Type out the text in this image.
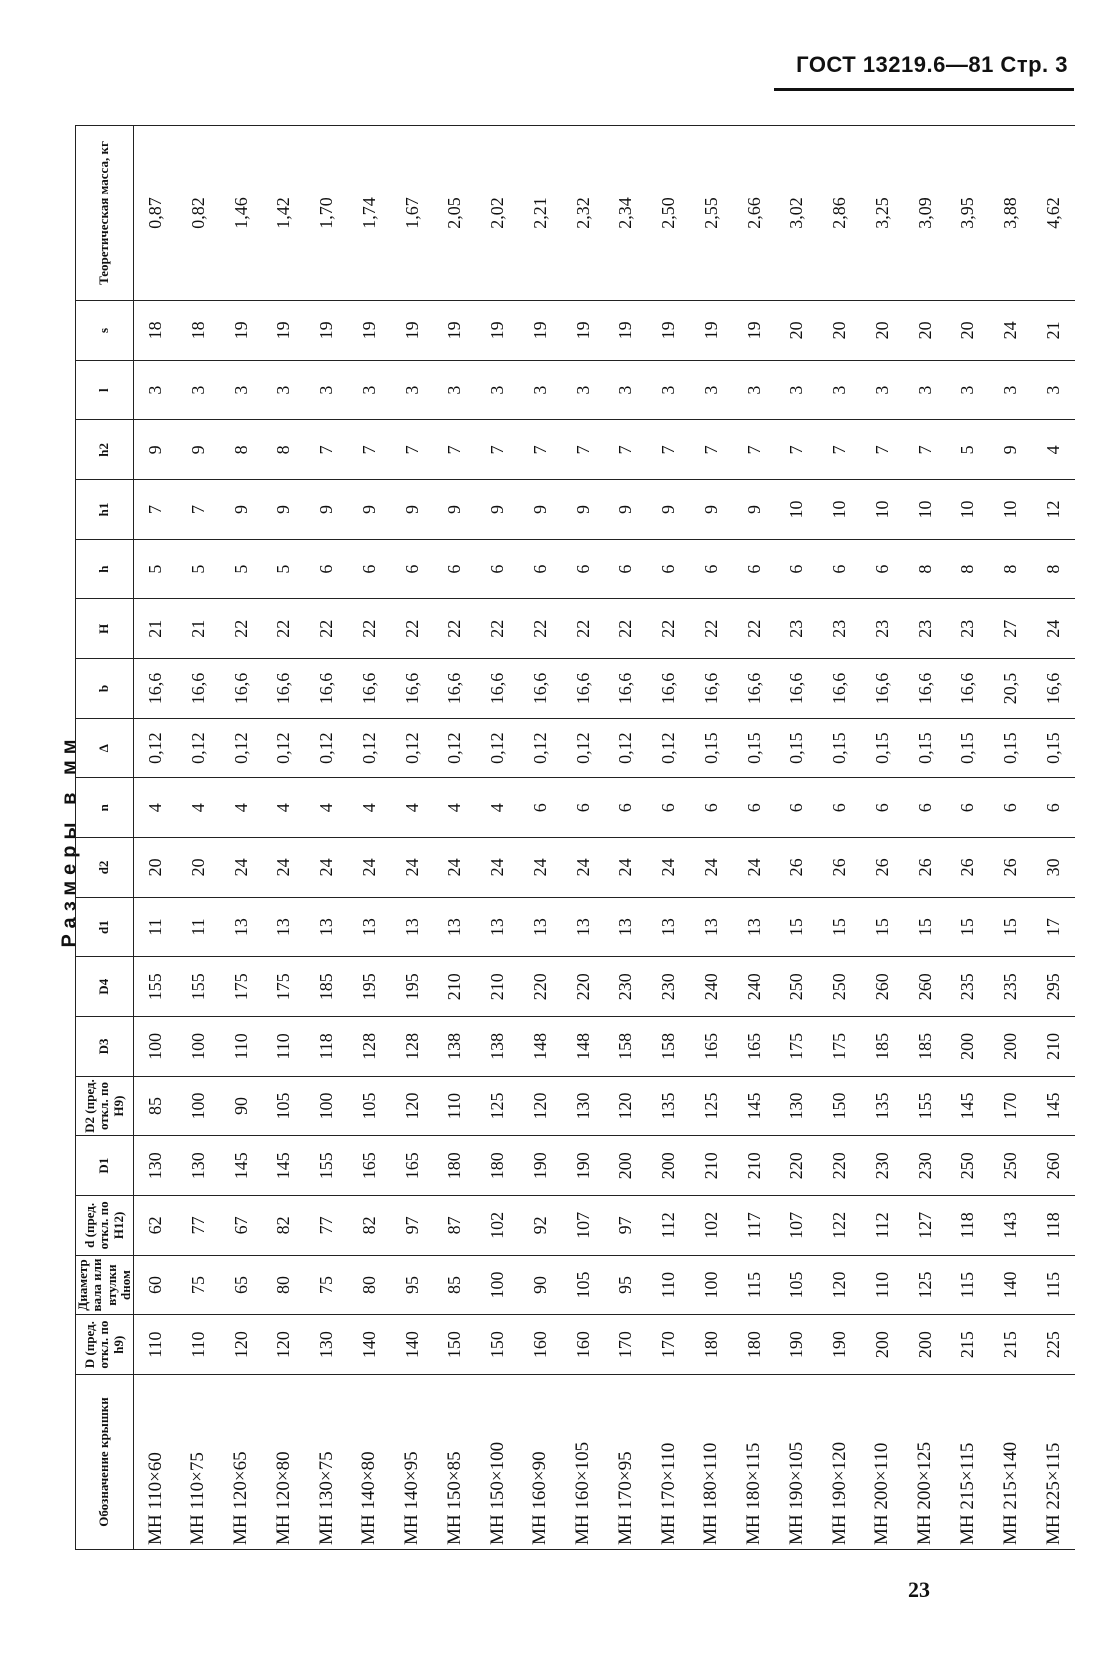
ГОСТ 13219.6—81 Стр. 3
Размеры в мм
Обозначение крышки	D (пред. откл. по h9)	Диаметр вала или втулки dном	d (пред. откл. по H12)	D1	D2 (пред. откл. по H9)	D3	D4	d1	d2	n	Δ	b	H	h	h1	h2	l	s	Теоретическая масса, кг
МН 110×60	110	60	62	130	85	100	155	11	20	4	0,12	16,6	21	5	7	9	3	18	0,87
МН 110×75	110	75	77	130	100	100	155	11	20	4	0,12	16,6	21	5	7	9	3	18	0,82
МН 120×65	120	65	67	145	90	110	175	13	24	4	0,12	16,6	22	5	9	8	3	19	1,46
МН 120×80	120	80	82	145	105	110	175	13	24	4	0,12	16,6	22	5	9	8	3	19	1,42
МН 130×75	130	75	77	155	100	118	185	13	24	4	0,12	16,6	22	6	9	7	3	19	1,70
МН 140×80	140	80	82	165	105	128	195	13	24	4	0,12	16,6	22	6	9	7	3	19	1,74
МН 140×95	140	95	97	165	120	128	195	13	24	4	0,12	16,6	22	6	9	7	3	19	1,67
МН 150×85	150	85	87	180	110	138	210	13	24	4	0,12	16,6	22	6	9	7	3	19	2,05
МН 150×100	150	100	102	180	125	138	210	13	24	4	0,12	16,6	22	6	9	7	3	19	2,02
МН 160×90	160	90	92	190	120	148	220	13	24	6	0,12	16,6	22	6	9	7	3	19	2,21
МН 160×105	160	105	107	190	130	148	220	13	24	6	0,12	16,6	22	6	9	7	3	19	2,32
МН 170×95	170	95	97	200	120	158	230	13	24	6	0,12	16,6	22	6	9	7	3	19	2,34
МН 170×110	170	110	112	200	135	158	230	13	24	6	0,12	16,6	22	6	9	7	3	19	2,50
МН 180×110	180	100	102	210	125	165	240	13	24	6	0,15	16,6	22	6	9	7	3	19	2,55
МН 180×115	180	115	117	210	145	165	240	13	24	6	0,15	16,6	22	6	9	7	3	19	2,66
МН 190×105	190	105	107	220	130	175	250	15	26	6	0,15	16,6	23	6	10	7	3	20	3,02
МН 190×120	190	120	122	220	150	175	250	15	26	6	0,15	16,6	23	6	10	7	3	20	2,86
МН 200×110	200	110	112	230	135	185	260	15	26	6	0,15	16,6	23	6	10	7	3	20	3,25
МН 200×125	200	125	127	230	155	185	260	15	26	6	0,15	16,6	23	8	10	7	3	20	3,09
МН 215×115	215	115	118	250	145	200	235	15	26	6	0,15	16,6	23	8	10	5	3	20	3,95
МН 215×140	215	140	143	250	170	200	235	15	26	6	0,15	20,5	27	8	10	9	3	24	3,88
МН 225×115	225	115	118	260	145	210	295	17	30	6	0,15	16,6	24	8	12	4	3	21	4,62
23
